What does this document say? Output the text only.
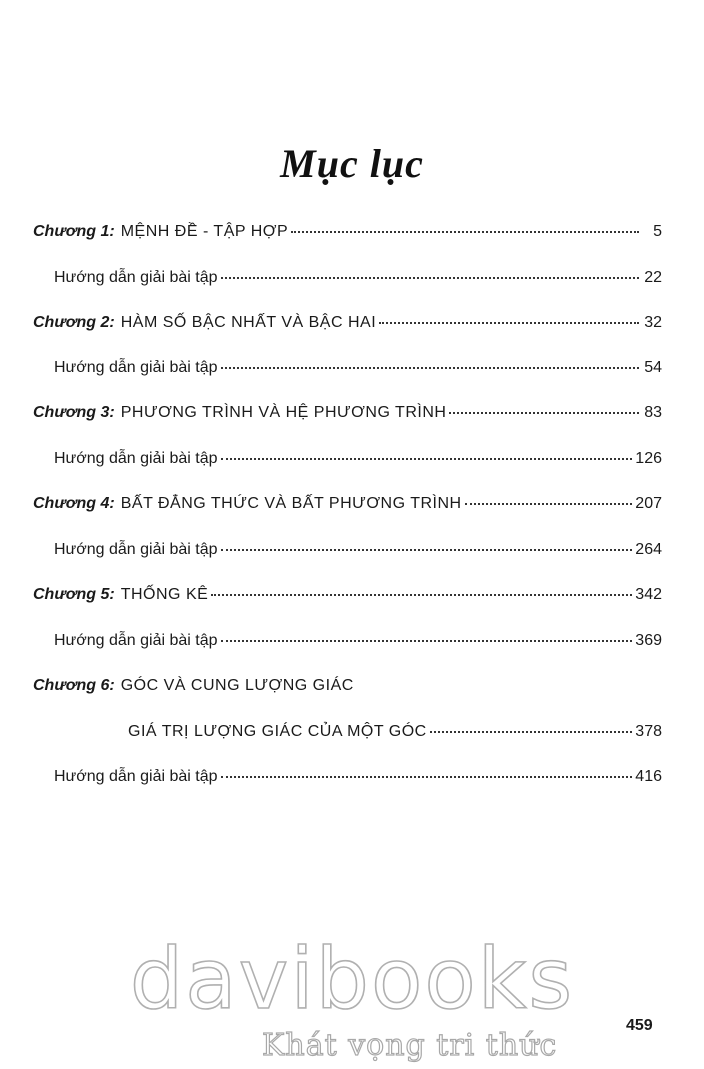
Mục lục
Chương 1: MỆNH ĐỀ - TẬP HỢP	5
Hướng dẫn giải bài tập	22
Chương 2: HÀM SỐ BẬC NHẤT VÀ BẬC HAI	32
Hướng dẫn giải bài tập	54
Chương 3: PHƯƠNG TRÌNH VÀ HỆ PHƯƠNG TRÌNH	83
Hướng dẫn giải bài tập	126
Chương 4: BẤT ĐẲNG THỨC VÀ BẤT PHƯƠNG TRÌNH	207
Hướng dẫn giải bài tập	264
Chương 5: THỐNG KÊ	342
Hướng dẫn giải bài tập	369
Chương 6: GÓC VÀ CUNG LƯỢNG GIÁC
GIÁ TRỊ LƯỢNG GIÁC CỦA MỘT GÓC	378
Hướng dẫn giải bài tập	416
davibooks
Khát vọng tri thức
459
